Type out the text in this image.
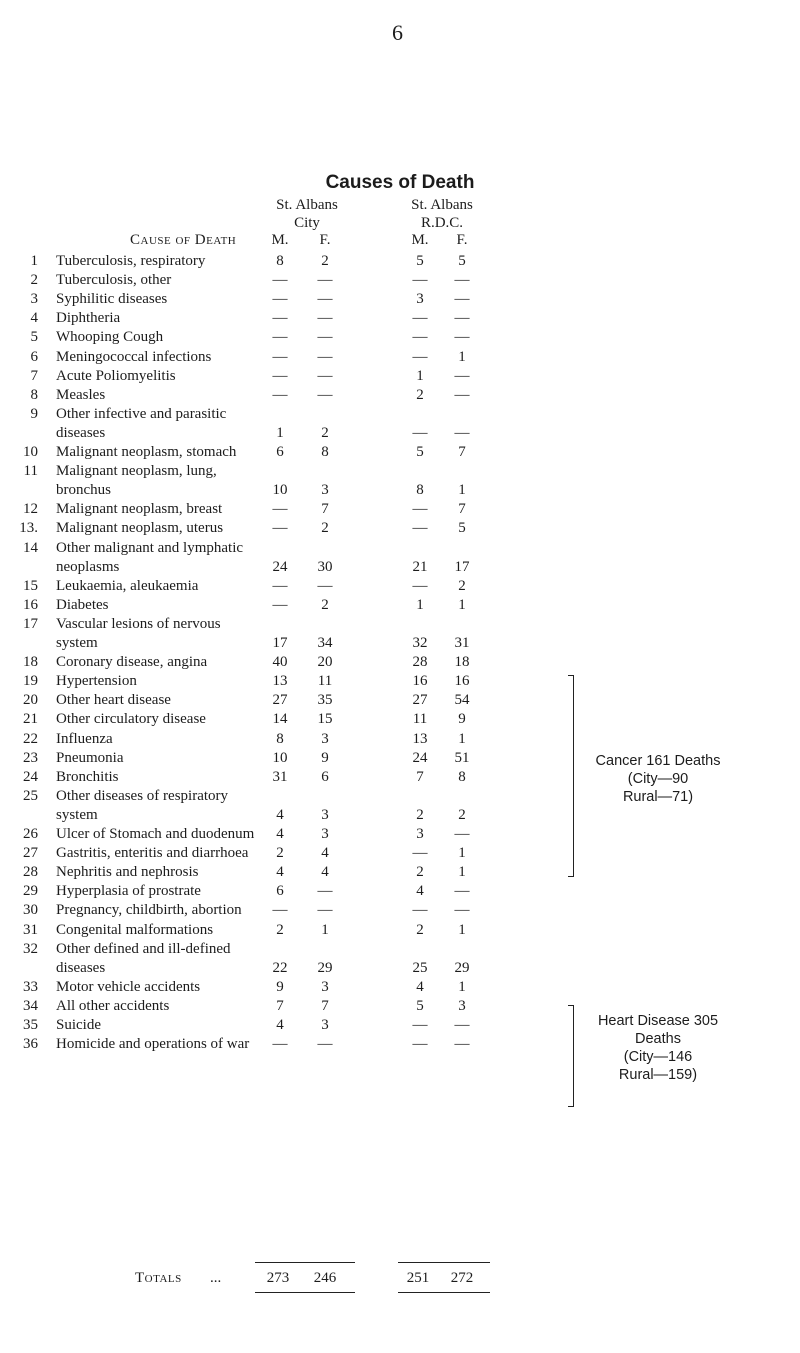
6
Causes of Death
St. Albans
City
St. Albans
R.D.C.
Cause of Death	M.	F.	M.	F.
1 Tuberculosis, respiratory	8	2	5	5
2 Tuberculosis, other	—	—	—	—
3 Syphilitic diseases	—	—	3	—
4 Diphtheria	—	—	—	—
5 Whooping Cough	—	—	—	—
6 Meningococcal infections	—	—	—	1
7 Acute Poliomyelitis	—	—	1	—
8 Measles	—	—	2	—
9 Other infective and parasitic
diseases	1	2	—	—
10 Malignant neoplasm, stomach	6	8	5	7
11 Malignant neoplasm, lung,
bronchus	10	3	8	1
12 Malignant neoplasm, breast	—	7	—	7
13. Malignant neoplasm, uterus	—	2	—	5
14 Other malignant and lymphatic
neoplasms	24	30	21	17
15 Leukaemia, aleukaemia	—	—	—	2
16 Diabetes	—	2	1	1
17 Vascular lesions of nervous
system	17	34	32	31
18 Coronary disease, angina	40	20	28	18
19 Hypertension	13	11	16	16
20 Other heart disease	27	35	27	54
21 Other circulatory disease	14	15	11	9
22 Influenza	8	3	13	1
23 Pneumonia	10	9	24	51
24 Bronchitis	31	6	7	8
25 Other diseases of respiratory
system	4	3	2	2
26 Ulcer of Stomach and duodenum	4	3	3	—
27 Gastritis, enteritis and diarrhoea	2	4	—	1
28 Nephritis and nephrosis	4	4	2	1
29 Hyperplasia of prostrate	6	—	4	—
30 Pregnancy, childbirth, abortion	—	—	—	—
31 Congenital malformations	2	1	2	1
32 Other defined and ill-defined
diseases	22	29	25	29
33 Motor vehicle accidents	9	3	4	1
34 All other accidents	7	7	5	3
35 Suicide	4	3	—	—
36 Homicide and operations of war	—	—	—	—
Cancer 161 Deaths
(City—90
Rural—71)
Heart Disease 305
Deaths
(City—146
Rural—159)
Totals ...	273	246	251	272
